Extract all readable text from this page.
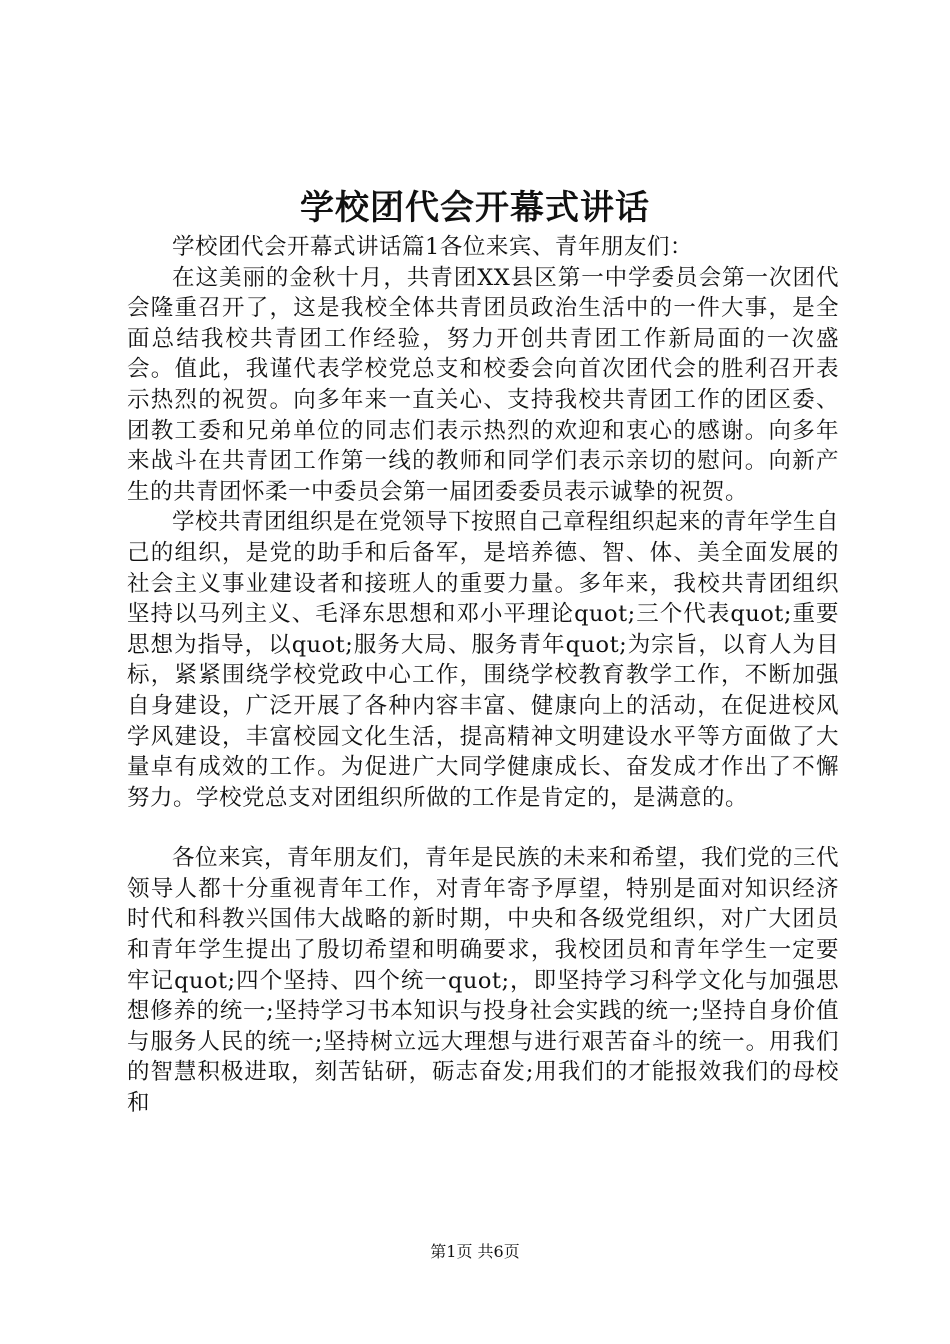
学校团代会开幕式讲话

学校团代会开幕式讲话篇1各位来宾、青年朋友们：

在这美丽的金秋十月，共青团XX县区第一中学委员会第一次团代会隆重召开了，这是我校全体共青团员政治生活中的一件大事，是全面总结我校共青团工作经验，努力开创共青团工作新局面的一次盛会。值此，我谨代表学校党总支和校委会向首次团代会的胜利召开表示热烈的祝贺。向多年来一直关心、支持我校共青团工作的团区委、团教工委和兄弟单位的同志们表示热烈的欢迎和衷心的感谢。向多年来战斗在共青团工作第一线的教师和同学们表示亲切的慰问。向新产生的共青团怀柔一中委员会第一届团委委员表示诚挚的祝贺。

学校共青团组织是在党领导下按照自己章程组织起来的青年学生自己的组织，是党的助手和后备军，是培养德、智、体、美全面发展的社会主义事业建设者和接班人的重要力量。多年来，我校共青团组织坚持以马列主义、毛泽东思想和邓小平理论quot;三个代表quot;重要思想为指导，以quot;服务大局、服务青年quot;为宗旨，以育人为目标，紧紧围绕学校党政中心工作，围绕学校教育教学工作，不断加强自身建设，广泛开展了各种内容丰富、健康向上的活动，在促进校风学风建设，丰富校园文化生活，提高精神文明建设水平等方面做了大量卓有成效的工作。为促进广大同学健康成长、奋发成才作出了不懈努力。学校党总支对团组织所做的工作是肯定的，是满意的。

各位来宾，青年朋友们，青年是民族的未来和希望，我们党的三代领导人都十分重视青年工作，对青年寄予厚望，特别是面对知识经济时代和科教兴国伟大战略的新时期，中央和各级党组织，对广大团员和青年学生提出了殷切希望和明确要求，我校团员和青年学生一定要牢记quot;四个坚持、四个统一quot;，即坚持学习科学文化与加强思想修养的统一;坚持学习书本知识与投身社会实践的统一;坚持自身价值与服务人民的统一;坚持树立远大理想与进行艰苦奋斗的统一。用我们的智慧积极进取，刻苦钻研，砺志奋发;用我们的才能报效我们的母校和

第1页 共6页
